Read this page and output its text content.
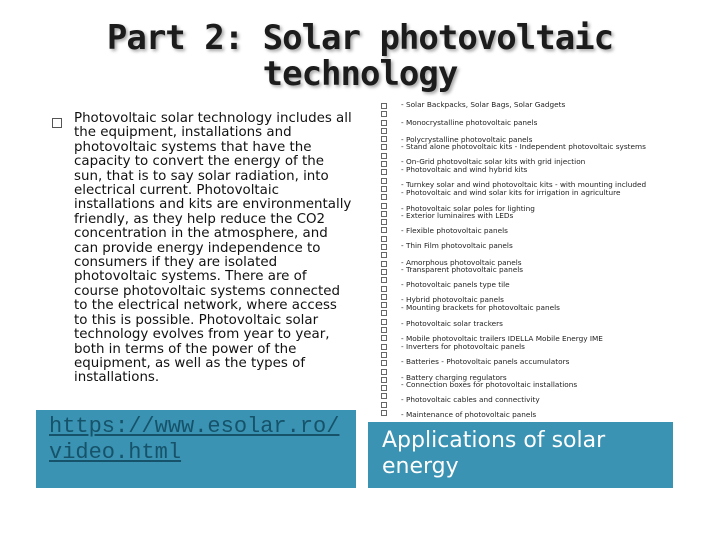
Part 2: Solar photovoltaic technology

Photovoltaic solar technology includes all the equipment, installations and photovoltaic systems that have the capacity to convert the energy of the sun, that is to say solar radiation, into electrical current. Photovoltaic installations and kits are environmentally friendly, as they help reduce the CO2 concentration in the atmosphere, and can provide energy independence to consumers if they are isolated photovoltaic systems. There are of course photovoltaic systems connected to the electrical network, where access to this is possible. Photovoltaic solar technology evolves from year to year, both in terms of the power of the equipment, as well as the types of installations.

https://www.esolar.ro/video.html	Applications of solar energy
- Solar Backpacks, Solar Bags, Solar Gadgets
- Monocrystalline photovoltaic panels
- Polycrystalline photovoltaic panels
- Stand alone photovoltaic kits - Independent photovoltaic systems
- On-Grid photovoltaic solar kits with grid injection
- Photovoltaic and wind hybrid kits
- Turnkey solar and wind photovoltaic kits - with mounting included
- Photovoltaic and wind solar kits for irrigation in agriculture
- Photovoltaic solar poles for lighting
- Exterior luminaires with LEDs
- Flexible photovoltaic panels
- Thin Film photovoltaic panels
- Amorphous photovoltaic panels
- Transparent photovoltaic panels
- Photovoltaic panels type tile
- Hybrid photovoltaic panels
- Mounting brackets for photovoltaic panels
- Photovoltaic solar trackers
- Mobile photovoltaic trailers IDELLA Mobile Energy IME
- Inverters for photovoltaic panels
- Batteries - Photovoltaic panels accumulators
- Battery charging regulators
- Connection boxes for photovoltaic installations
- Photovoltaic cables and connectivity
- Maintenance of photovoltaic panels
